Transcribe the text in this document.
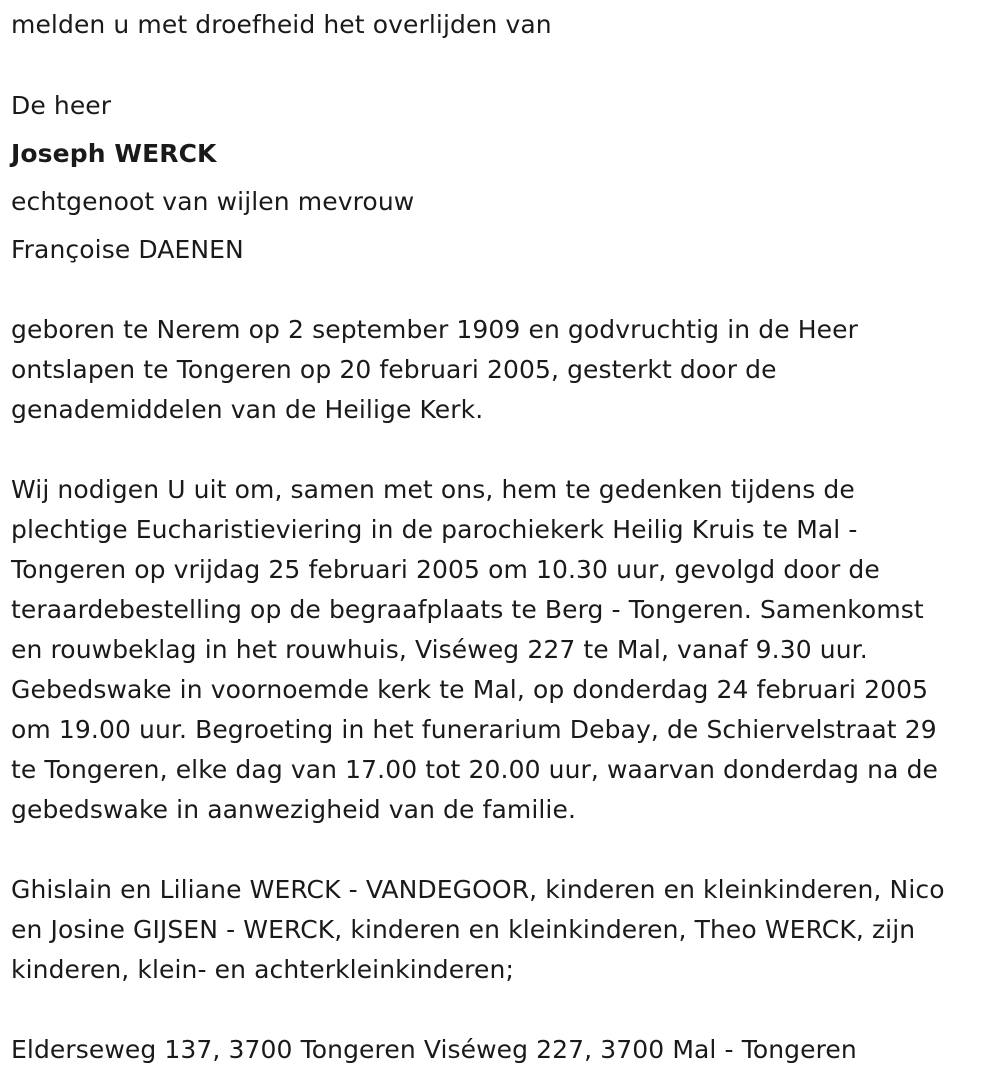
melden u met droefheid het overlijden van
De heer
Joseph WERCK
echtgenoot van wijlen mevrouw
Françoise DAENEN
geboren te Nerem op 2 september 1909 en godvruchtig in de Heer
ontslapen te Tongeren op 20 februari 2005, gesterkt door de
genademiddelen van de Heilige Kerk.
Wij nodigen U uit om, samen met ons, hem te gedenken tijdens de
plechtige Eucharistieviering in de parochiekerk Heilig Kruis te Mal -
Tongeren op vrijdag 25 februari 2005 om 10.30 uur, gevolgd door de
teraardebestelling op de begraafplaats te Berg - Tongeren. Samenkomst
en rouwbeklag in het rouwhuis, Viséweg 227 te Mal, vanaf 9.30 uur.
Gebedswake in voornoemde kerk te Mal, op donderdag 24 februari 2005
om 19.00 uur. Begroeting in het funerarium Debay, de Schiervelstraat 29
te Tongeren, elke dag van 17.00 tot 20.00 uur, waarvan donderdag na de
gebedswake in aanwezigheid van de familie.
Ghislain en Liliane WERCK - VANDEGOOR, kinderen en kleinkinderen, Nico
en Josine GIJSEN - WERCK, kinderen en kleinkinderen, Theo WERCK, zijn
kinderen, klein- en achterkleinkinderen;
Elderseweg 137, 3700 Tongeren Viséweg 227, 3700 Mal - Tongeren
